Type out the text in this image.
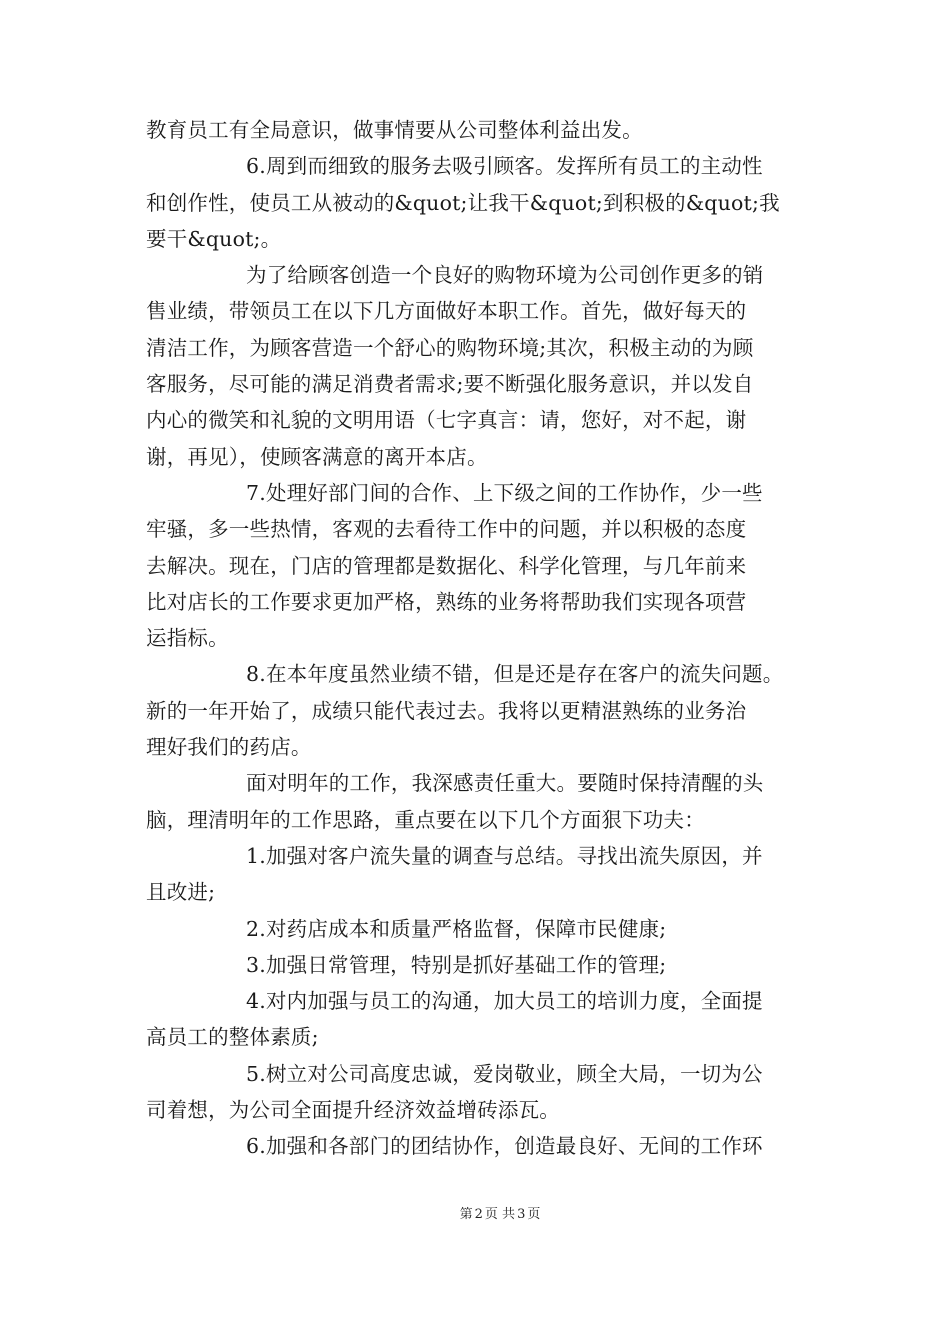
教育员工有全局意识，做事情要从公司整体利益出发。
6.周到而细致的服务去吸引顾客。发挥所有员工的主动性
和创作性，使员工从被动的&quot;让我干&quot;到积极的&quot;我
要干&quot;。
为了给顾客创造一个良好的购物环境为公司创作更多的销
售业绩，带领员工在以下几方面做好本职工作。首先，做好每天的
清洁工作，为顾客营造一个舒心的购物环境;其次，积极主动的为顾
客服务，尽可能的满足消费者需求;要不断强化服务意识，并以发自
内心的微笑和礼貌的文明用语（七字真言：请，您好，对不起，谢
谢，再见），使顾客满意的离开本店。
7.处理好部门间的合作、上下级之间的工作协作，少一些
牢骚，多一些热情，客观的去看待工作中的问题，并以积极的态度
去解决。现在，门店的管理都是数据化、科学化管理，与几年前来
比对店长的工作要求更加严格，熟练的业务将帮助我们实现各项营
运指标。
8.在本年度虽然业绩不错，但是还是存在客户的流失问题。
新的一年开始了，成绩只能代表过去。我将以更精湛熟练的业务治
理好我们的药店。
面对明年的工作，我深感责任重大。要随时保持清醒的头
脑，理清明年的工作思路，重点要在以下几个方面狠下功夫：
1.加强对客户流失量的调查与总结。寻找出流失原因，并
且改进;
2.对药店成本和质量严格监督，保障市民健康;
3.加强日常管理，特别是抓好基础工作的管理;
4.对内加强与员工的沟通，加大员工的培训力度，全面提
高员工的整体素质;
5.树立对公司高度忠诚，爱岗敬业，顾全大局，一切为公
司着想，为公司全面提升经济效益增砖添瓦。
6.加强和各部门的团结协作，创造最良好、无间的工作环
第 2 页 共 3 页
